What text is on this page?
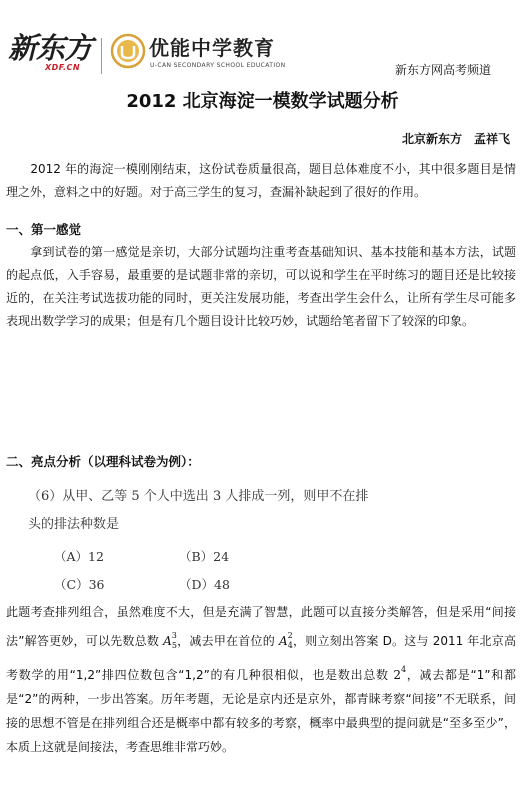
新东方
XDF.CN
优能中学教育
U-CAN SECONDARY SCHOOL EDUCATION	新东方网高考频道
2012 北京海淀一模数学试题分析
北京新东方　孟祥飞

　　2012 年的海淀一模刚刚结束，这份试卷质量很高，题目总体难度不小，其中很多题目是情理之外，意料之中的好题。对于高三学生的复习，查漏补缺起到了很好的作用。

一、第一感觉

　　拿到试卷的第一感觉是亲切，大部分试题均注重考查基础知识、基本技能和基本方法，试题的起点低，入手容易，最重要的是试题非常的亲切，可以说和学生在平时练习的题目还是比较接近的，在关注考试选拔功能的同时，更关注发展功能，考查出学生会什么，让所有学生尽可能多表现出数学学习的成果；但是有几个题目设计比较巧妙，试题给笔者留下了较深的印象。

二、亮点分析（以理科试卷为例）：
（6）从甲、乙等 5 个人中选出 3 人排成一列，则甲不在排
头的排法种数是
（A）12	（B）24
（C）36	（D）48

此题考查排列组合，虽然难度不大，但是充满了智慧，此题可以直接分类解答，但是采用“间接法”解答更妙，可以先数总数 $A^3_5$，减去甲在首位的 $A^2_4$，则立刻出答案 D。这与 2011 年北京高考数学的用“1,2”排四位数包含“1,2”的有几种很相似，也是数出总数 $2^4$，减去都是“1”和都是“2”的两种，一步出答案。历年考题，无论是京内还是京外，都青睐考察“间接”不无联系，间接的思想不管是在排列组合还是概率中都有较多的考察，概率中最典型的提问就是“至多至少”，本质上这就是间接法，考查思维非常巧妙。
